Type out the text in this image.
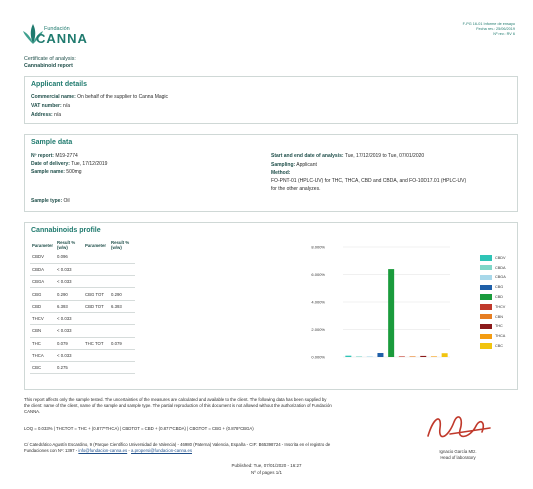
Fundación
CANNA
F-PG 16-01 Informe de ensayo
Fecha rev.: 25/06/2019
Nº rev.: RV 6
Certificate of analysis:
Cannabinoid report
Applicant details
Commercial name: On behalf of the supplier to Canna Magic
VAT number: n/a
Address: n/a
Sample data
Nº report: M19-2774
Date of delivery: Tue, 17/12/2019
Sample name: 500mg
Sample type: Oil
Start and end date of analysis: Tue, 17/12/2019 to Tue, 07/01/2020
Sampling: Applicant
Method:
FO-PNT-01 (HPLC-UV) for THC, THCA, CBD and CBDA, and FO-10D17.01 (HPLC-UV)
for the other analyzes.
Cannabinoids profile
Parameter	Result % (w/w)	Parameter	Result % (w/w)
CBDV	0.096		
CBDA	< 0.033		
CBGA	< 0.033		
CBG	0.290	CBG TOT	0.290
CBD	6.393	CBD TOT	6.393
THCV	< 0.033		
CBN	< 0.033		
THC	0.079	THC TOT	0.079
THCA	< 0.033		
CBC	0.275		
0.000%
2.000%
4.000%
6.000%
8.000%
CBDV
CBDA
CBGA
CBG
CBD
THCV
CBN
THC
THCA
CBC
This report affects only the sample tested. The uncertainties of the measures are calculated and available to the client. The following data has been supplied by
the client: name of the client, name of the sample and sample type. The partial reproduction of this document is not allowed without the authorization of Fundación
CANNA.
LOQ = 0.033% | THCTOT = THC + (0.877*THCA) | CBDTOT = CBD + (0.877*CBDA) | CBGTOT = CBG + (0.878*CBGA)
C/ Catedrático Agustín Escardino, 9 (Parque Científico Universidad de Valencia) - 46980 (Paterna) Valencia, España - CIF: B65398724 - Inscrita en el registro de
Fundaciones con Nº: 1397 - info@fundacion-canna.es - a.propersi@fundacion-canna.es	Ignacio García Mtz.
Head of laboratory
Published: Tue, 07/01/2020 - 16:27
Nº of pages 1/1
